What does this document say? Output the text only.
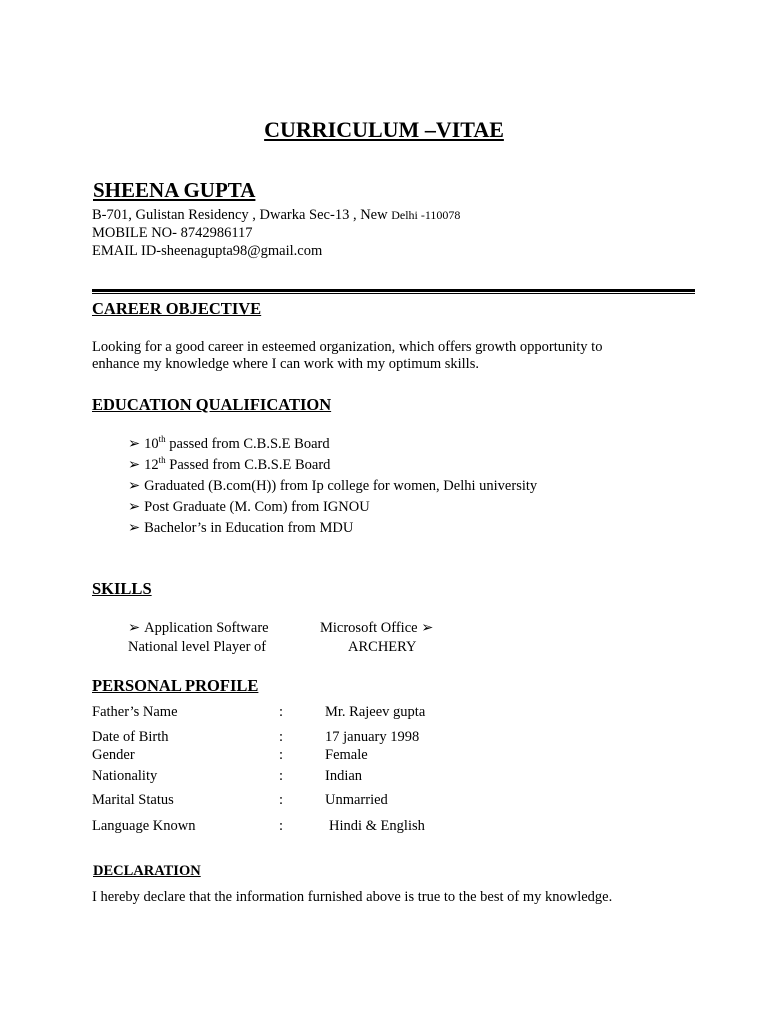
CURRICULUM –VITAE
SHEENA GUPTA
B-701, Gulistan Residency , Dwarka Sec-13 , New Delhi -110078
MOBILE NO- 8742986117
EMAIL ID-sheenagupta98@gmail.com
CAREER OBJECTIVE
Looking for a good career in esteemed organization, which offers growth opportunity to
enhance my knowledge where I can work with my optimum skills.
EDUCATION QUALIFICATION
➢ 10th passed from C.B.S.E Board
➢ 12th Passed from C.B.S.E Board
➢ Graduated (B.com(H)) from Ip college for women, Delhi university
➢ Post Graduate (M. Com) from IGNOU
➢ Bachelor’s in Education from MDU
SKILLS
➢ Application Software	Microsoft Office ➢
National level Player of	ARCHERY
PERSONAL PROFILE
Father’s Name	:	Mr. Rajeev gupta
Date of Birth	:	17 january 1998
Gender	:	Female
Nationality	:	Indian
Marital Status	:	Unmarried
Language Known	:	Hindi & English
DECLARATION
I hereby declare that the information furnished above is true to the best of my knowledge.
